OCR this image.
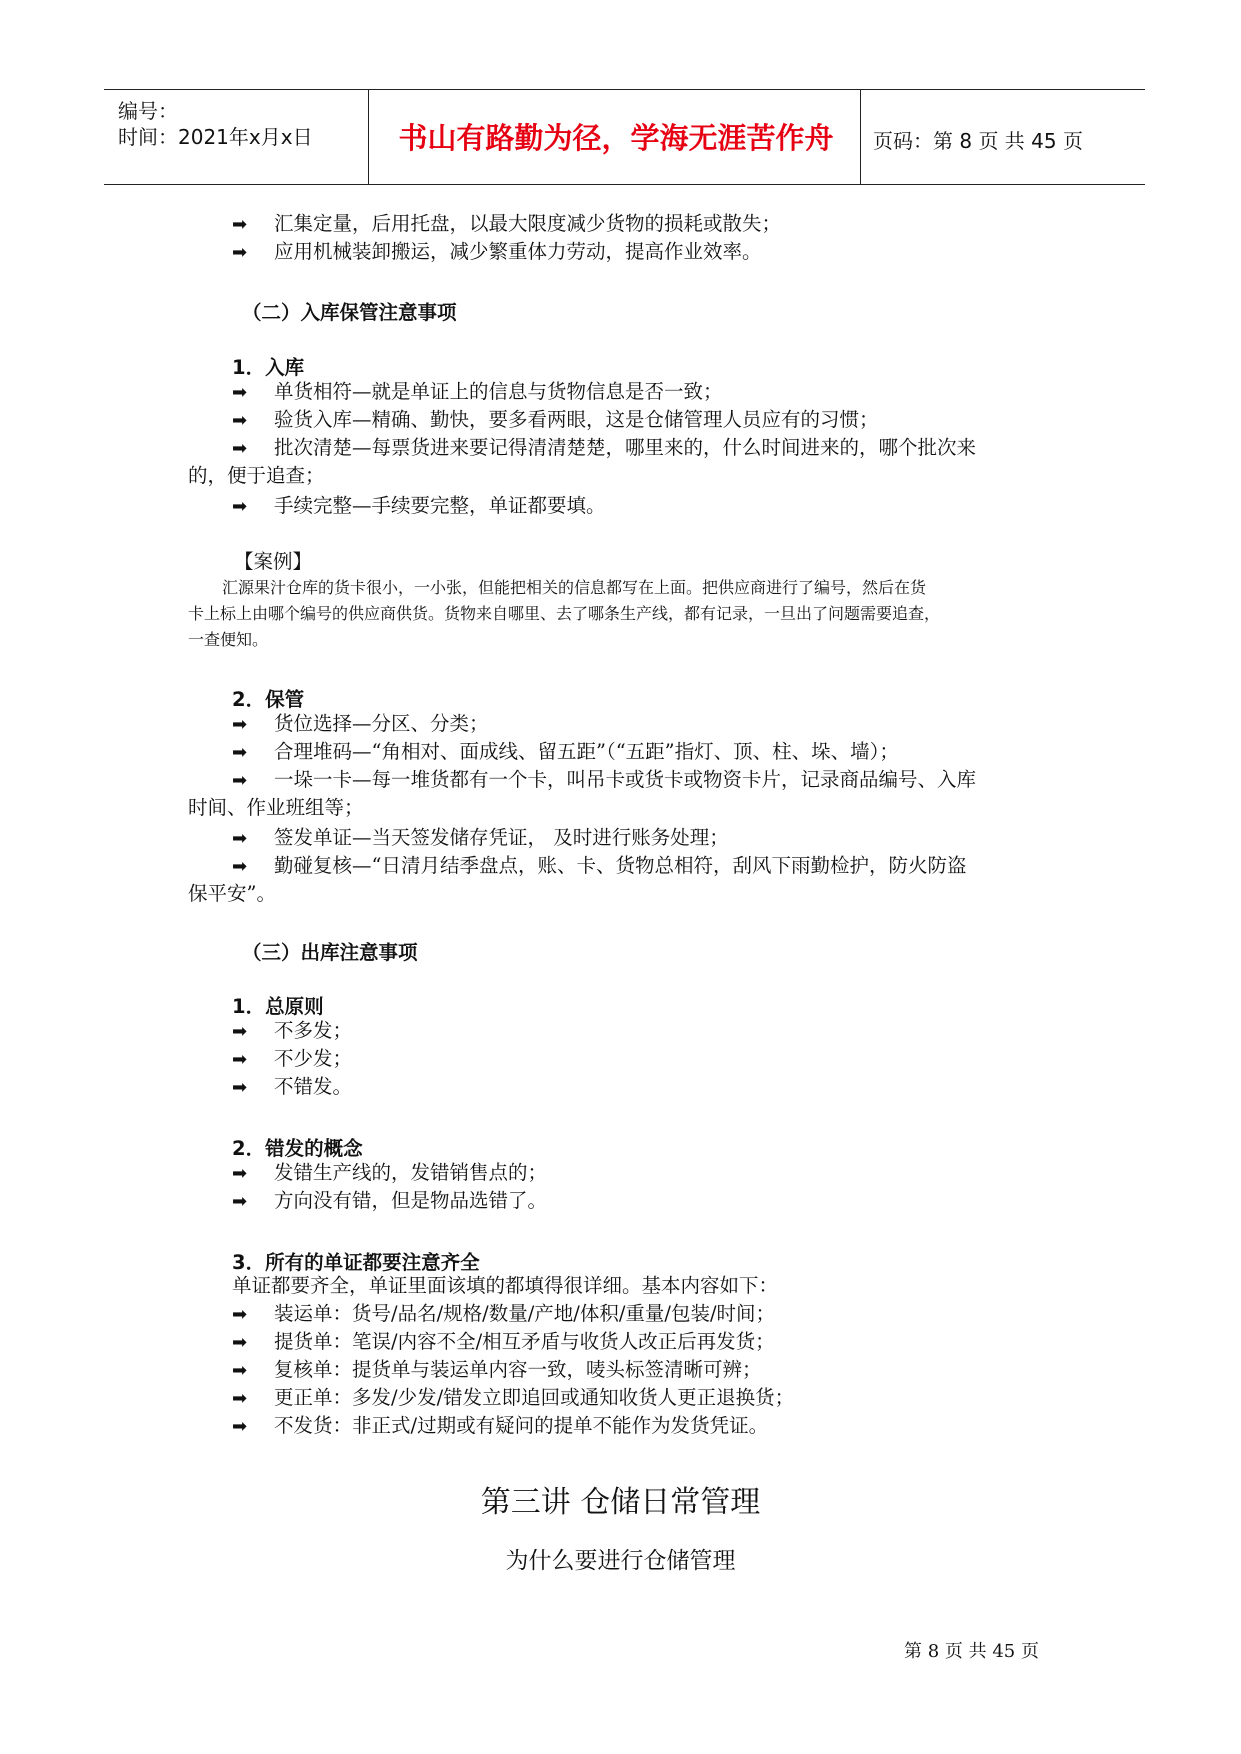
编号：
时间：2021年x月x日	书山有路勤为径，学海无涯苦作舟	页码：第 8 页 共 45 页
➡ 汇集定量，后用托盘，以最大限度减少货物的损耗或散失；
➡ 应用机械装卸搬运，减少繁重体力劳动，提高作业效率。
（二）入库保管注意事项
1．入库
➡ 单货相符—就是单证上的信息与货物信息是否一致；
➡ 验货入库—精确、勤快，要多看两眼，这是仓储管理人员应有的习惯；
➡ 批次清楚—每票货进来要记得清清楚楚，哪里来的，什么时间进来的，哪个批次来
的，便于追查；
➡ 手续完整—手续要完整，单证都要填。
【案例】
汇源果汁仓库的货卡很小，一小张，但能把相关的信息都写在上面。把供应商进行了编号，然后在货
卡上标上由哪个编号的供应商供货。货物来自哪里、去了哪条生产线，都有记录，一旦出了问题需要追查，
一查便知。
2．保管
➡ 货位选择—分区、分类；
➡ 合理堆码—“角相对、面成线、留五距”（“五距”指灯、顶、柱、垛、墙）；
➡ 一垛一卡—每一堆货都有一个卡，叫吊卡或货卡或物资卡片，记录商品编号、入库
时间、作业班组等；
➡ 签发单证—当天签发储存凭证， 及时进行账务处理；
➡ 勤碰复核—“日清月结季盘点，账、卡、货物总相符，刮风下雨勤检护，防火防盗
保平安”。
（三）出库注意事项
1．总原则
➡ 不多发；
➡ 不少发；
➡ 不错发。
2．错发的概念
➡ 发错生产线的，发错销售点的；
➡ 方向没有错，但是物品选错了。
3．所有的单证都要注意齐全
单证都要齐全，单证里面该填的都填得很详细。基本内容如下：
➡ 装运单：货号/品名/规格/数量/产地/体积/重量/包装/时间；
➡ 提货单：笔误/内容不全/相互矛盾与收货人改正后再发货；
➡ 复核单：提货单与装运单内容一致，唛头标签清晰可辨；
➡ 更正单：多发/少发/错发立即追回或通知收货人更正退换货；
➡ 不发货：非正式/过期或有疑问的提单不能作为发货凭证。
第三讲 仓储日常管理
为什么要进行仓储管理
第 8 页 共 45 页
